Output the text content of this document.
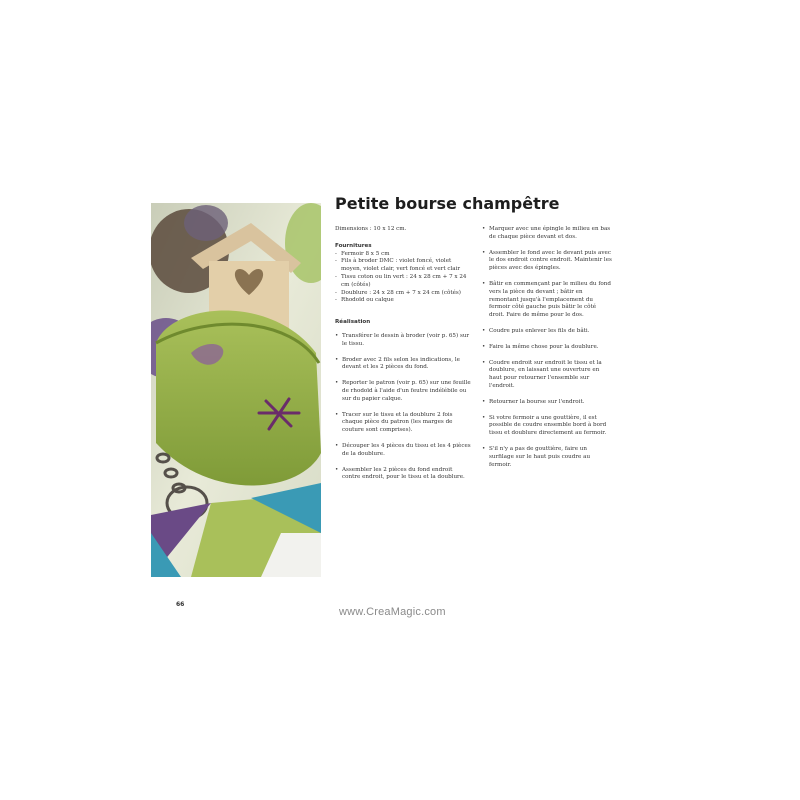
Petite bourse champêtre

Dimensions : 10 x 12 cm.

Fournitures

- Fermoir 8 x 5 cm
- Fils à broder DMC : violet foncé, violet moyen, violet clair, vert foncé et vert clair
- Tissu coton ou lin vert : 24 x 28 cm + 7 x 24 cm (côtés)
- Doublure : 24 x 28 cm + 7 x 24 cm (côtés)
- Rhodoïd ou calque

Réalisation

• Transférer le dessin à broder (voir p. 65) sur le tissu.
• Broder avec 2 fils selon les indications, le devant et les 2 pièces du fond.
• Reporter le patron (voir p. 65) sur une feuille de rhodoïd à l'aide d'un feutre indélébile ou sur du papier calque.
• Tracer sur le tissu et la doublure 2 fois chaque pièce du patron (les marges de couture sont comprises).
• Découper les 4 pièces du tissu et les 4 pièces de la doublure.
• Assembler les 2 pièces du fond endroit contre endroit, pour le tissu et la doublure.
• Marquer avec une épingle le milieu en bas de chaque pièce devant et dos.
• Assembler le fond avec le devant puis avec le dos endroit contre endroit. Maintenir les pièces avec des épingles.
• Bâtir en commençant par le milieu du fond vers la pièce du devant ; bâtir en remontant jusqu'à l'emplacement du fermoir côté gauche puis bâtir le côté droit. Faire de même pour le dos.
• Coudre puis enlever les fils de bâti.
• Faire la même chose pour la doublure.
• Coudre endroit sur endroit le tissu et la doublure, en laissant une ouverture en haut pour retourner l'ensemble sur l'endroit.
• Retourner la bourse sur l'endroit.
• Si votre fermoir a une gouttière, il est possible de coudre ensemble bord à bord tissu et doublure directement au fermoir.
• S'il n'y a pas de gouttière, faire un surfilage sur le haut puis coudre au fermoir.
66
www.CreaMagic.com
